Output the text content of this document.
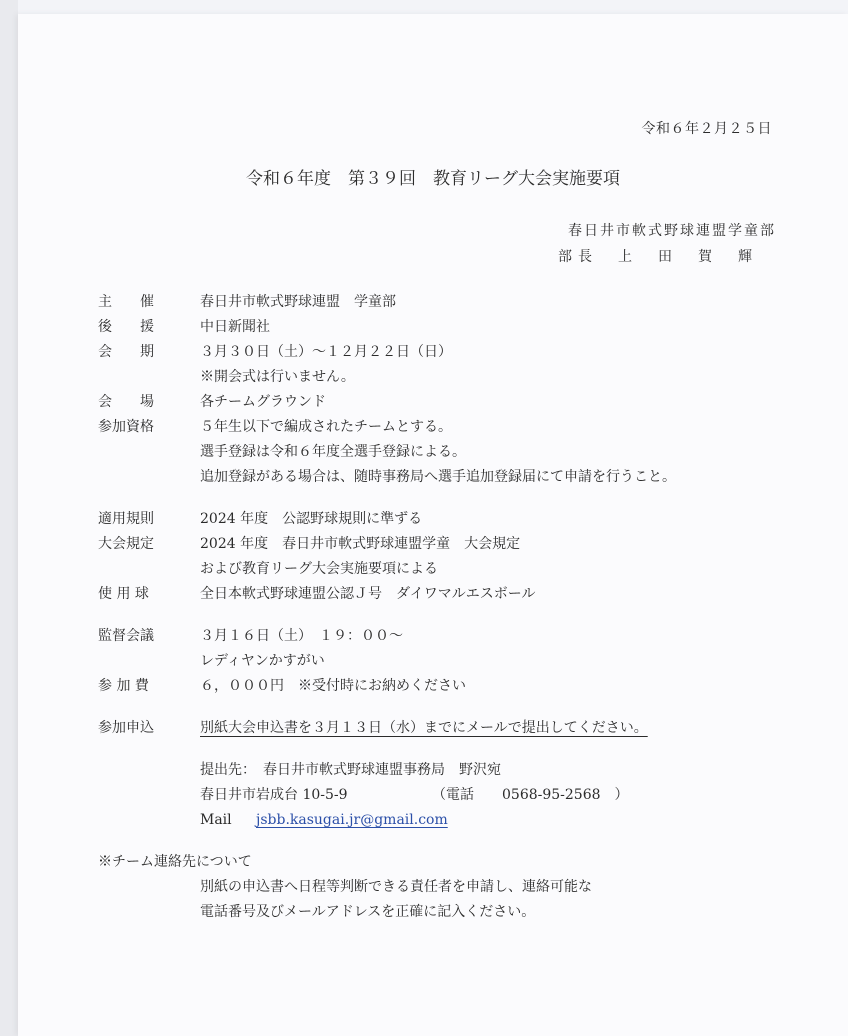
令和６年２月２５日
令和６年度　第３９回　教育リーグ大会実施要項
春日井市軟式野球連盟学童部
部長　上　田　賀　輝
主　　催	春日井市軟式野球連盟　学童部
後　　援	中日新聞社
会　　期	３月３０日（土）〜１２月２２日（日）
※開会式は行いません。
会　　場	各チームグラウンド
参加資格	５年生以下で編成されたチームとする。
選手登録は令和６年度全選手登録による。
追加登録がある場合は、随時事務局へ選手追加登録届にて申請を行うこと。
適用規則	2024 年度　公認野球規則に準ずる
大会規定	2024 年度　春日井市軟式野球連盟学童　大会規定
および教育リーグ大会実施要項による
使 用 球	全日本軟式野球連盟公認Ｊ号　ダイワマルエスボール
監督会議	３月１６日（土）　１９：００〜
レディヤンかすがい
参 加 費	６，０００円　※受付時にお納めください
参加申込	別紙大会申込書を３月１３日（水）までにメールで提出してください。
提出先：　春日井市軟式野球連盟事務局　野沢宛
春日井市岩成台 10-5-9	（電話　　0568-95-2568　）
Mail jsbb.kasugai.jr@gmail.com
※チーム連絡先について
別紙の申込書へ日程等判断できる責任者を申請し、連絡可能な
電話番号及びメールアドレスを正確に記入ください。
